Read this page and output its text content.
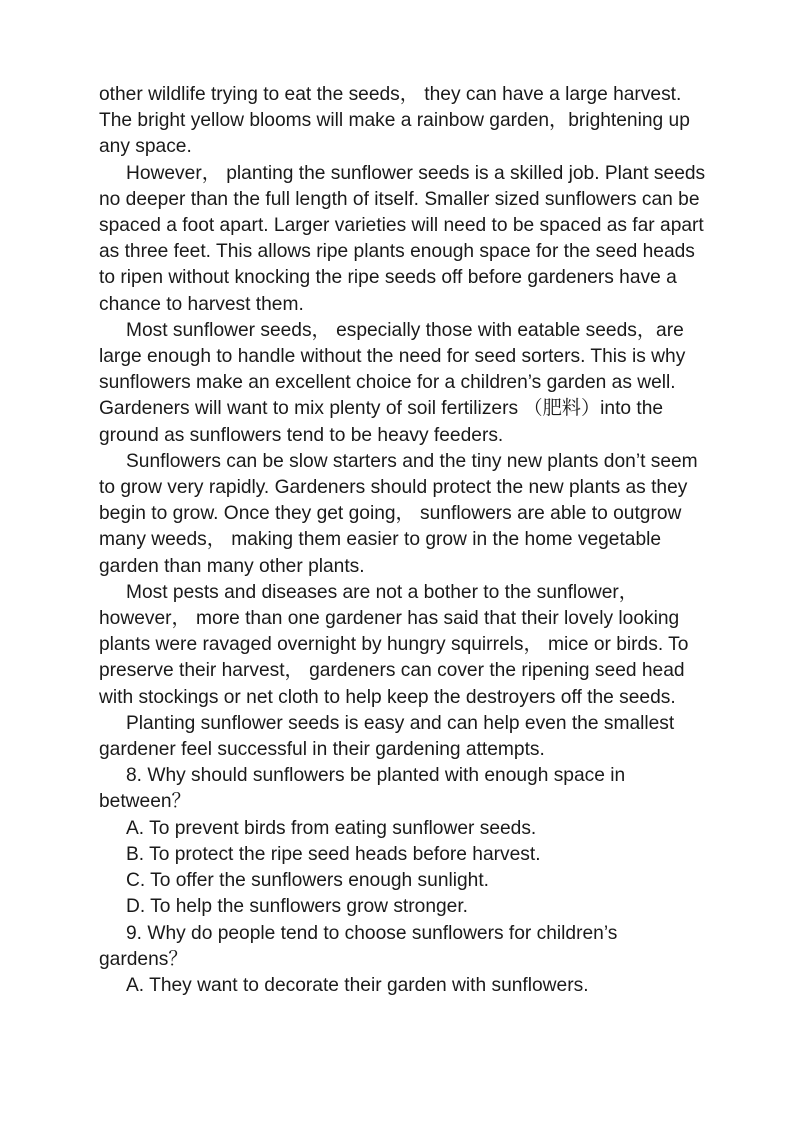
other wildlife trying to eat the seeds， they can have a large harvest. The bright yellow blooms will make a rainbow garden，brightening up any space.

However， planting the sunflower seeds is a skilled job. Plant seeds no deeper than the full length of itself. Smaller sized sunflowers can be spaced a foot apart. Larger varieties will need to be spaced as far apart as three feet. This allows ripe plants enough space for the seed heads to ripen without knocking the ripe seeds off before gardeners have a chance to harvest them.

Most sunflower seeds， especially those with eatable seeds，are large enough to handle without the need for seed sorters. This is why sunflowers make an excellent choice for a children’s garden as well. Gardeners will want to mix plenty of soil fertilizers （肥料）into the ground as sunflowers tend to be heavy feeders.

Sunflowers can be slow starters and the tiny new plants don’t seem to grow very rapidly. Gardeners should protect the new plants as they begin to grow. Once they get going， sunflowers are able to outgrow many weeds， making them easier to grow in the home vegetable garden than many other plants.

Most pests and diseases are not a bother to the sunflower，however， more than one gardener has said that their lovely looking plants were ravaged overnight by hungry squirrels， mice or birds. To preserve their harvest， gardeners can cover the ripening seed head with stockings or net cloth to help keep the destroyers off the seeds.

Planting sunflower seeds is easy and can help even the smallest gardener feel successful in their gardening attempts.

8. Why should sunflowers be planted with enough space in between？

A. To prevent birds from eating sunflower seeds.

B. To protect the ripe seed heads before harvest.

C. To offer the sunflowers enough sunlight.

D. To help the sunflowers grow stronger.

9. Why do people tend to choose sunflowers for children’s gardens？

A. They want to decorate their garden with sunflowers.
